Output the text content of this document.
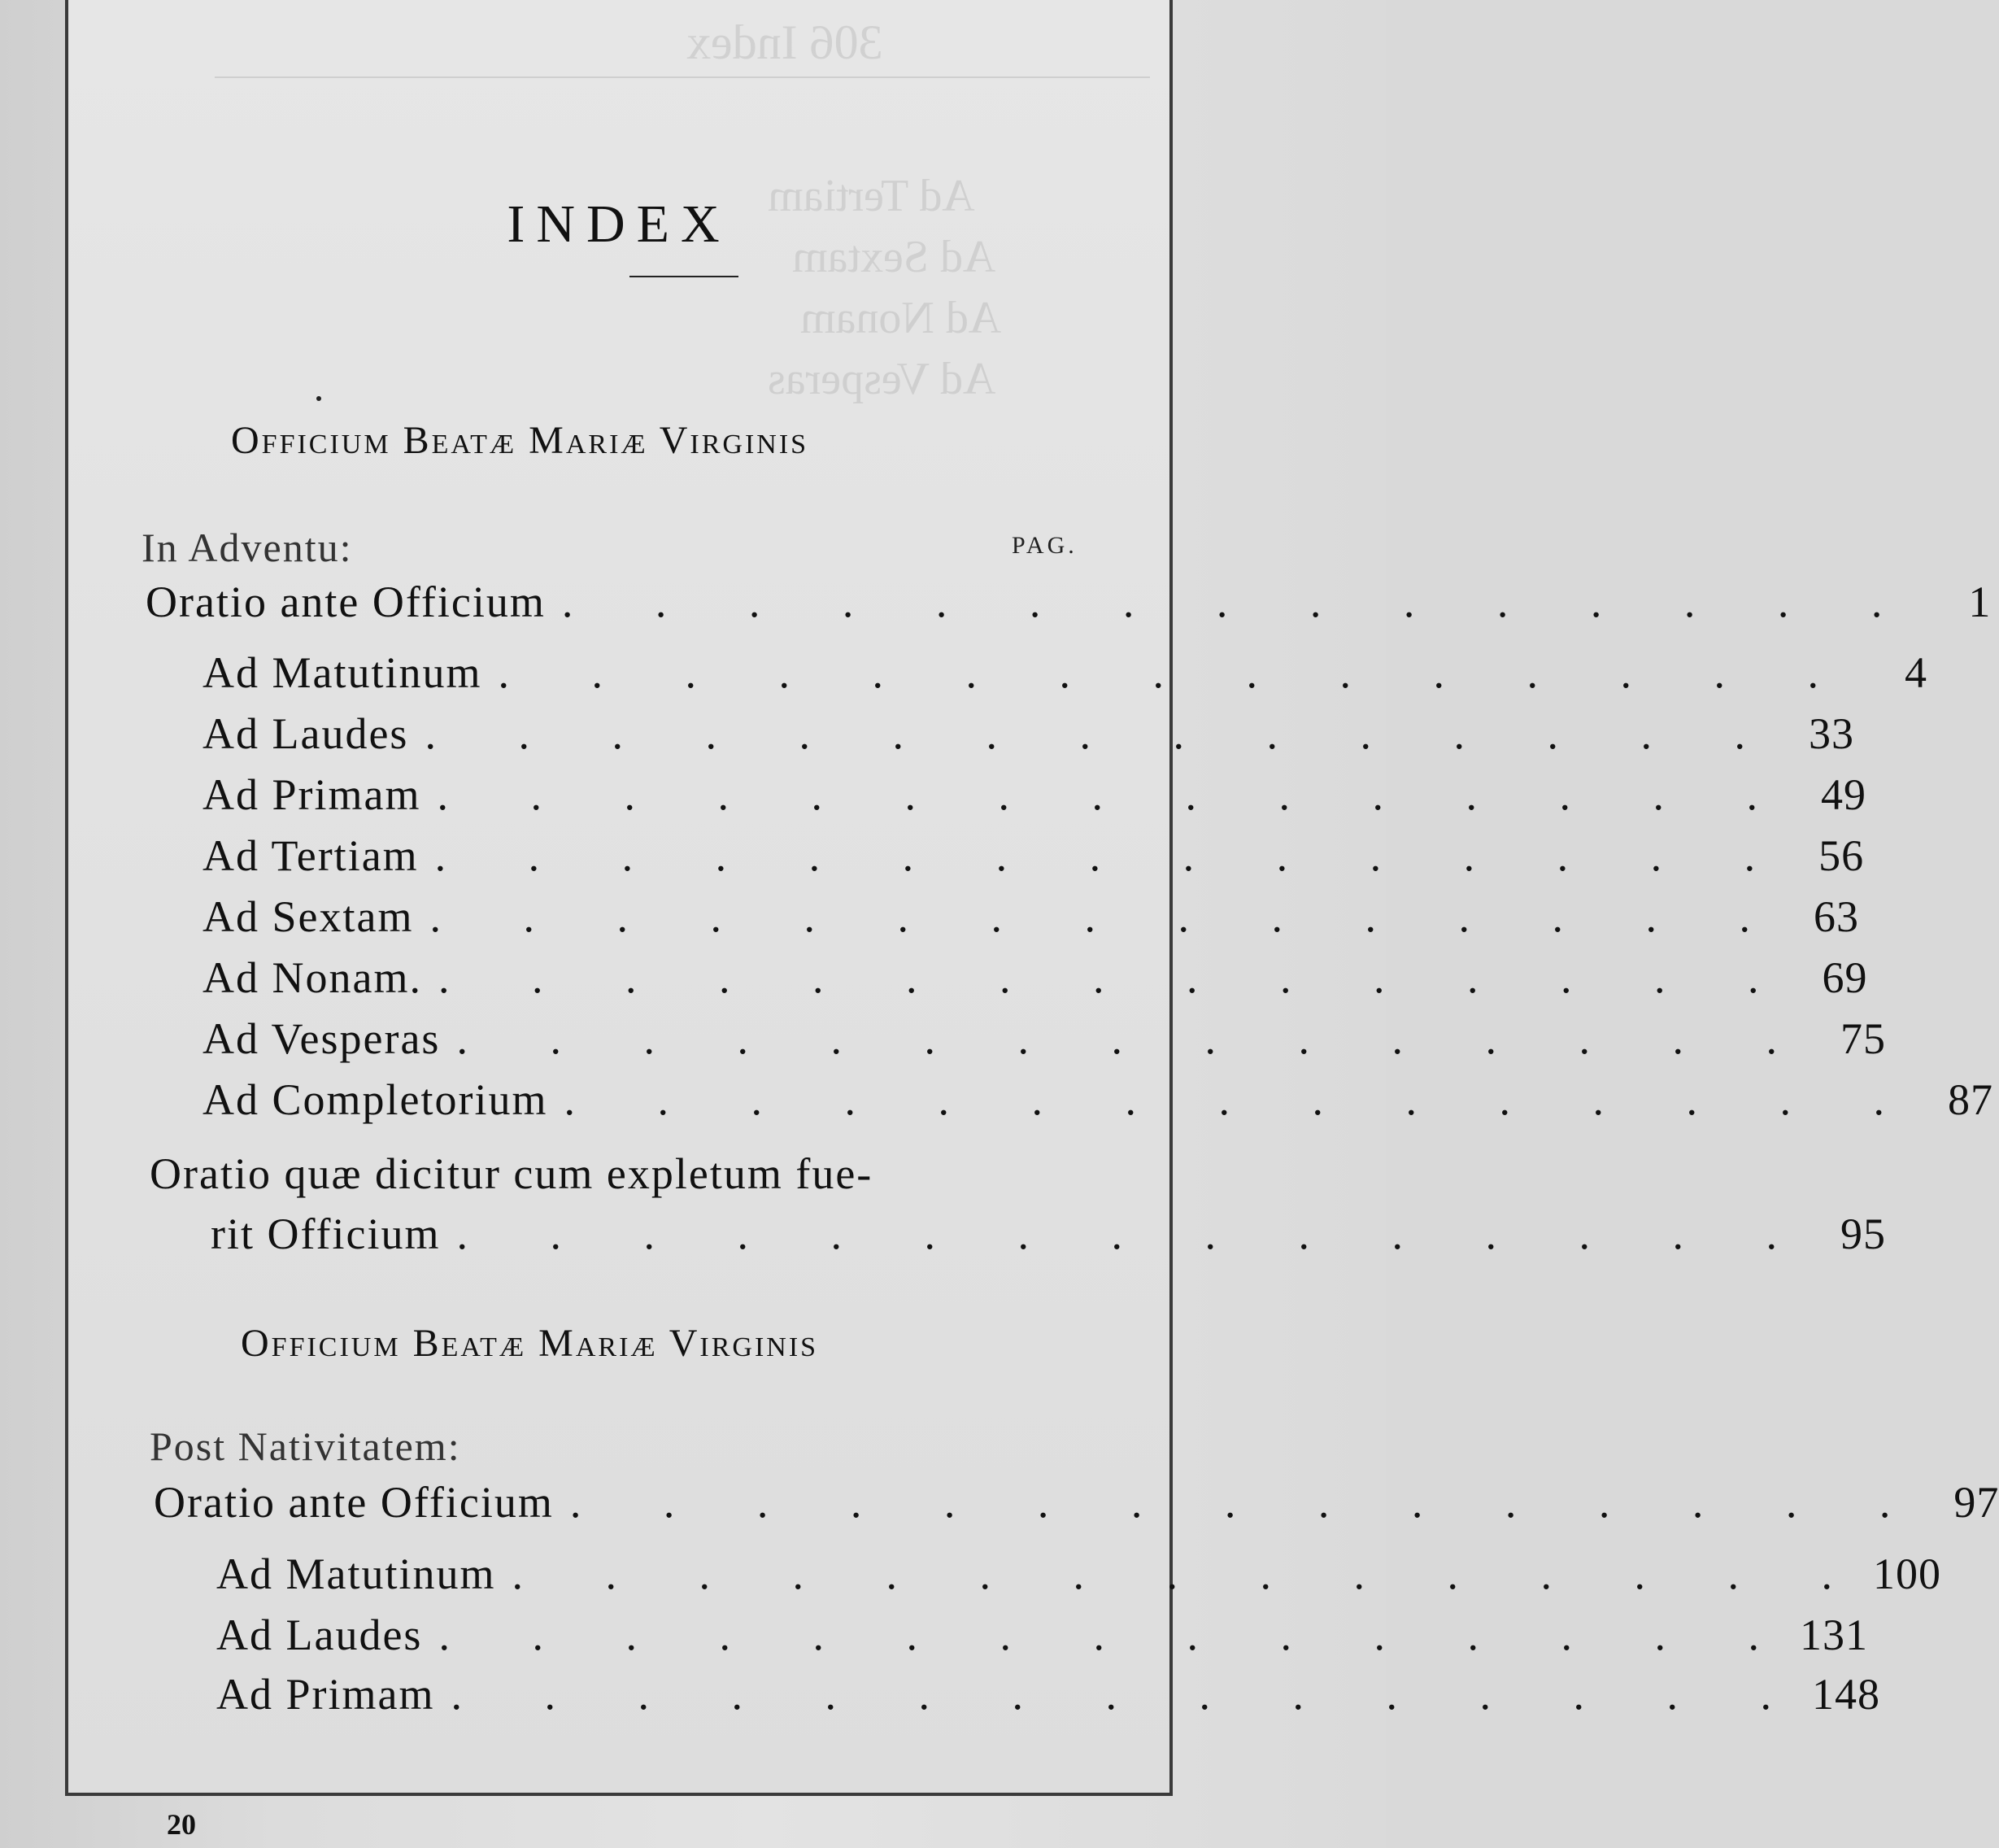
306 Index
Ad Tertiam
Ad Sextam
Ad Nonam
Ad Vesperas
INDEX
Officium Beatæ Mariæ Virginis
In Adventu:	PAG.
Oratio ante Officium . . . . . . . . . . . . . . .	1
Ad Matutinum . . . . . . . . . . . . . . .	4
Ad Laudes . . . . . . . . . . . . . . . 33
Ad Primam . . . . . . . . . . . . . . . 49
Ad Tertiam . . . . . . . . . . . . . . . 56
Ad Sextam . . . . . . . . . . . . . . . 63
Ad Nonam. . . . . . . . . . . . . . . . 69
Ad Vesperas . . . . . . . . . . . . . . . 75
Ad Completorium . . . . . . . . . . . . . . . 87
Oratio quæ dicitur cum expletum fue-
rit Officium . . . . . . . . . . . . . . . 95
Officium Beatæ Mariæ Virginis
Post Nativitatem:
Oratio ante Officium . . . . . . . . . . . . . . . 97
Ad Matutinum . . . . . . . . . . . . . . . 100
Ad Laudes . . . . . . . . . . . . . . . 131
Ad Primam . . . . . . . . . . . . . . . 148
20
